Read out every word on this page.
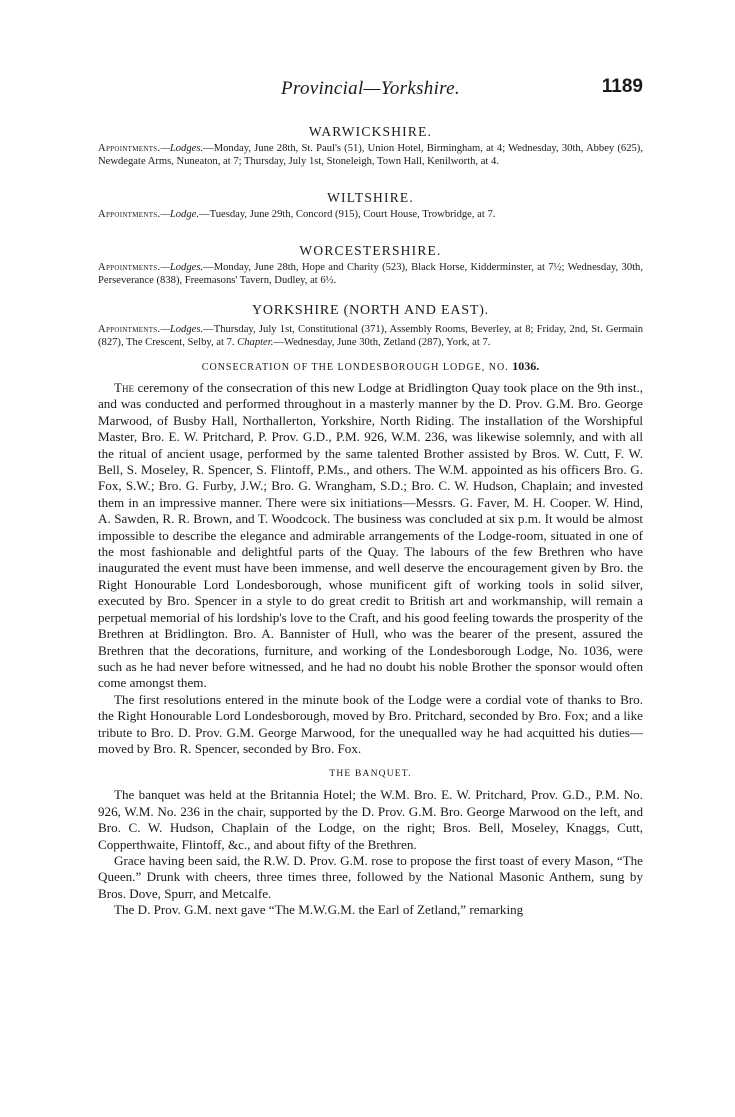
Provincial—Yorkshire.	1189
WARWICKSHIRE.

Appointments.—Lodges.—Monday, June 28th, St. Paul's (51), Union Hotel, Birmingham, at 4; Wednesday, 30th, Abbey (625), Newdegate Arms, Nuneaton, at 7; Thursday, July 1st, Stoneleigh, Town Hall, Kenilworth, at 4.

WILTSHIRE.

Appointments.—Lodge.—Tuesday, June 29th, Concord (915), Court House, Trowbridge, at 7.

WORCESTERSHIRE.

Appointments.—Lodges.—Monday, June 28th, Hope and Charity (523), Black Horse, Kidderminster, at 7½; Wednesday, 30th, Perseverance (838), Freemasons' Tavern, Dudley, at 6½.

YORKSHIRE (NORTH AND EAST).

Appointments.—Lodges.—Thursday, July 1st, Constitutional (371), Assembly Rooms, Beverley, at 8; Friday, 2nd, St. Germain (827), The Crescent, Selby, at 7. Chapter.—Wednesday, June 30th, Zetland (287), York, at 7.

CONSECRATION OF THE LONDESBOROUGH LODGE, NO. 1036.

The ceremony of the consecration of this new Lodge at Bridlington Quay took place on the 9th inst., and was conducted and performed throughout in a masterly manner by the D. Prov. G.M. Bro. George Marwood, of Busby Hall, Northallerton, Yorkshire, North Riding. The installation of the Worshipful Master, Bro. E. W. Pritchard, P. Prov. G.D., P.M. 926, W.M. 236, was likewise solemnly, and with all the ritual of ancient usage, performed by the same talented Brother assisted by Bros. W. Cutt, F. W. Bell, S. Moseley, R. Spencer, S. Flintoff, P.Ms., and others. The W.M. appointed as his officers Bro. G. Fox, S.W.; Bro. G. Furby, J.W.; Bro. G. Wrangham, S.D.; Bro. C. W. Hudson, Chaplain; and invested them in an impressive manner. There were six initiations—Messrs. G. Faver, M. H. Cooper. W. Hind, A. Sawden, R. R. Brown, and T. Woodcock. The business was concluded at six p.m. It would be almost impossible to describe the elegance and admirable arrangements of the Lodge-room, situated in one of the most fashionable and delightful parts of the Quay. The labours of the few Brethren who have inaugurated the event must have been immense, and well deserve the encouragement given by Bro. the Right Honourable Lord Londesborough, whose munificent gift of working tools in solid silver, executed by Bro. Spencer in a style to do great credit to British art and workmanship, will remain a perpetual memorial of his lordship's love to the Craft, and his good feeling towards the prosperity of the Brethren at Bridlington. Bro. A. Bannister of Hull, who was the bearer of the present, assured the Brethren that the decorations, furniture, and working of the Londesborough Lodge, No. 1036, were such as he had never before witnessed, and he had no doubt his noble Brother the sponsor would often come amongst them.

The first resolutions entered in the minute book of the Lodge were a cordial vote of thanks to Bro. the Right Honourable Lord Londesborough, moved by Bro. Pritchard, seconded by Bro. Fox; and a like tribute to Bro. D. Prov. G.M. George Marwood, for the unequalled way he had acquitted his duties—moved by Bro. R. Spencer, seconded by Bro. Fox.

THE BANQUET.

The banquet was held at the Britannia Hotel; the W.M. Bro. E. W. Pritchard, Prov. G.D., P.M. No. 926, W.M. No. 236 in the chair, supported by the D. Prov. G.M. Bro. George Marwood on the left, and Bro. C. W. Hudson, Chaplain of the Lodge, on the right; Bros. Bell, Moseley, Knaggs, Cutt, Copperthwaite, Flintoff, &c., and about fifty of the Brethren.

Grace having been said, the R.W. D. Prov. G.M. rose to propose the first toast of every Mason, “The Queen.” Drunk with cheers, three times three, followed by the National Masonic Anthem, sung by Bros. Dove, Spurr, and Metcalfe.

The D. Prov. G.M. next gave “The M.W.G.M. the Earl of Zetland,” remarking
